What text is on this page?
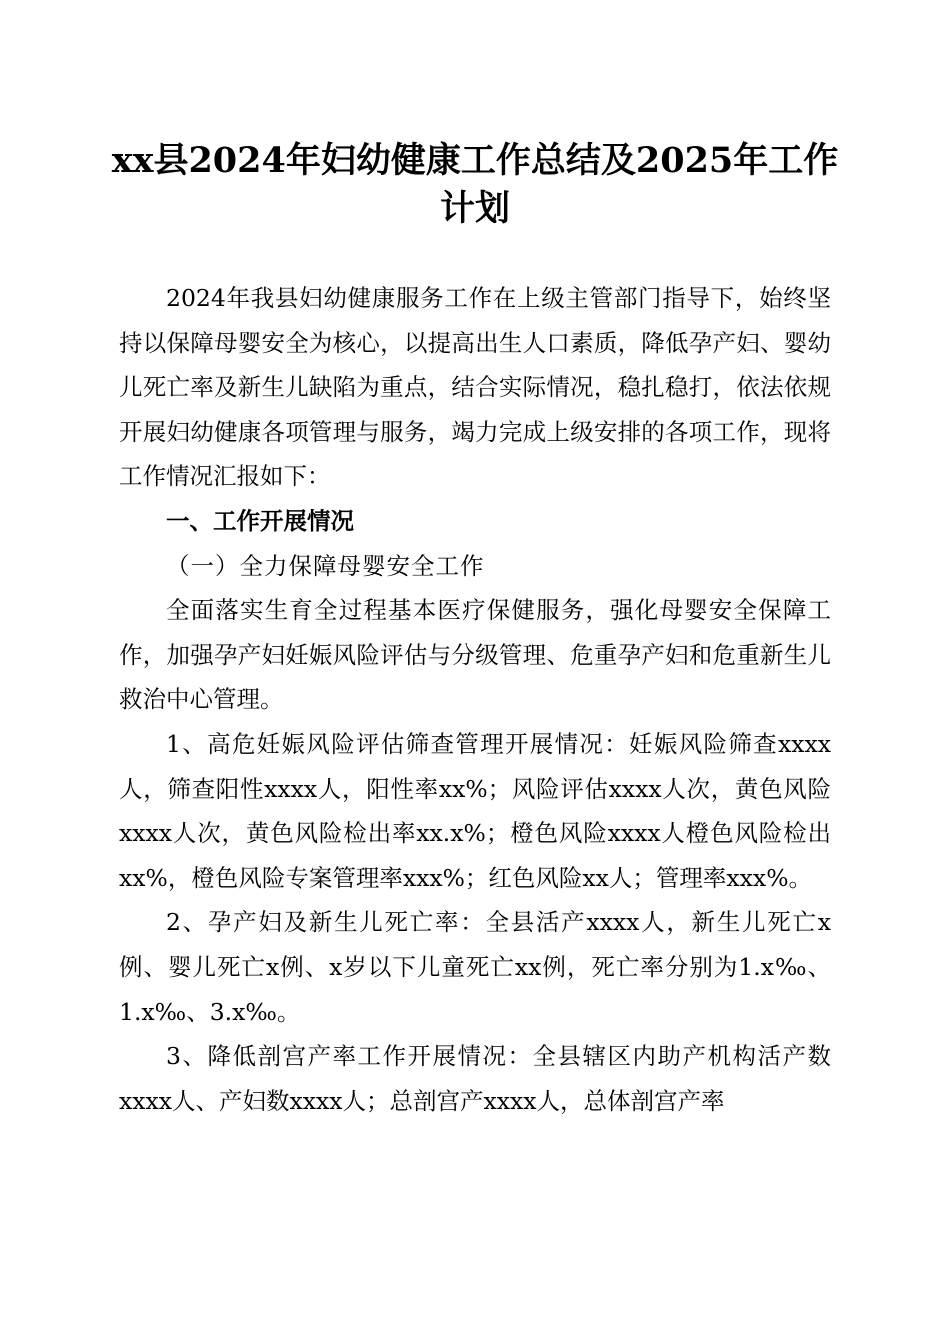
xx县2024年妇幼健康工作总结及2025年工作计划

2024年我县妇幼健康服务工作在上级主管部门指导下，始终坚持以保障母婴安全为核心，以提高出生人口素质，降低孕产妇、婴幼儿死亡率及新生儿缺陷为重点，结合实际情况，稳扎稳打，依法依规开展妇幼健康各项管理与服务，竭力完成上级安排的各项工作，现将工作情况汇报如下：

一、工作开展情况
（一）全力保障母婴安全工作

全面落实生育全过程基本医疗保健服务，强化母婴安全保障工作，加强孕产妇妊娠风险评估与分级管理、危重孕产妇和危重新生儿救治中心管理。

1、高危妊娠风险评估筛查管理开展情况：妊娠风险筛查xxxx人，筛查阳性xxxx人，阳性率xx%；风险评估xxxx人次，黄色风险xxxx人次，黄色风险检出率xx.x%；橙色风险xxxx人橙色风险检出xx%，橙色风险专案管理率xxx%；红色风险xx人；管理率xxx%。

2、孕产妇及新生儿死亡率：全县活产xxxx人，新生儿死亡x例、婴儿死亡x例、x岁以下儿童死亡xx例，死亡率分别为1.x‰、1.x‰、3.x‰。

3、降低剖宫产率工作开展情况：全县辖区内助产机构活产数xxxx人、产妇数xxxx人；总剖宫产xxxx人，总体剖宫产率
